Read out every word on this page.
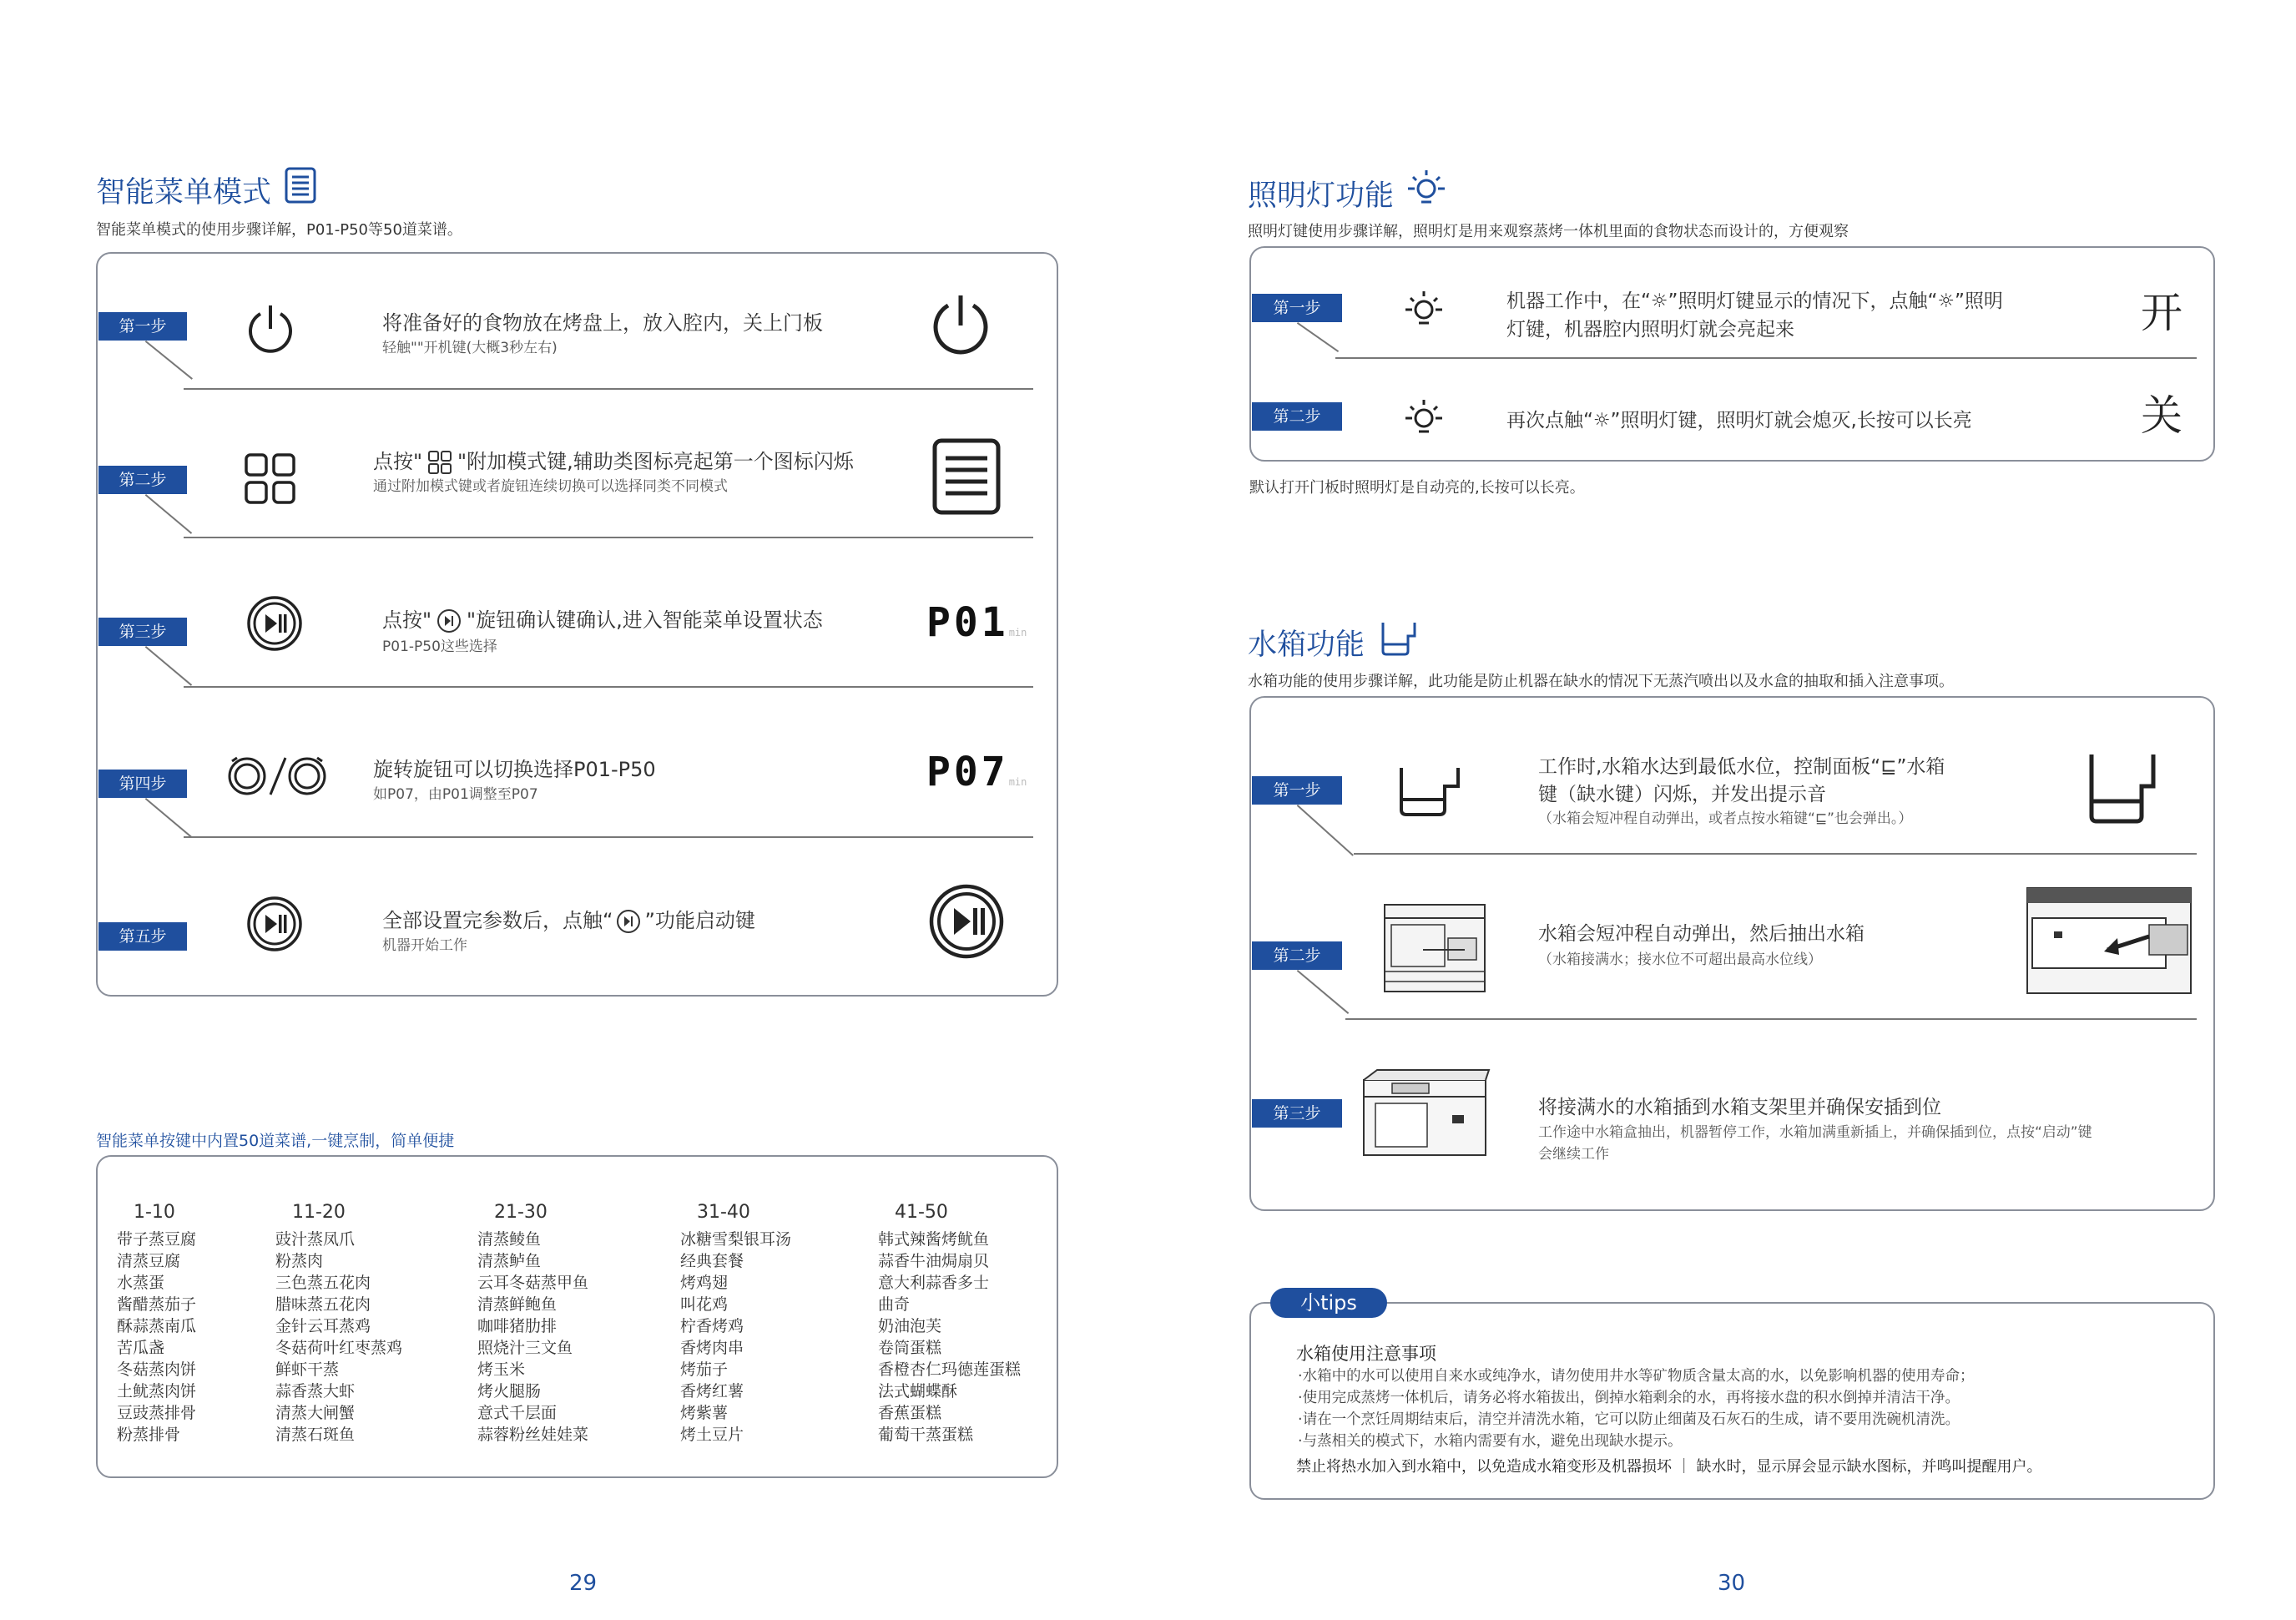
智能菜单模式
智能菜单模式的使用步骤详解，P01-P50等50道菜谱。
第一步	将准备好的食物放在烤盘上，放入腔内，关上门板
轻触""开机键(大概3秒左右)
第二步
点按" "附加模式键,辅助类图标亮起第一个图标闪烁
通过附加模式键或者旋钮连续切换可以选择同类不同模式
第三步	点按" "旋钮确认键确认,进入智能菜单设置状态
P01-P50这些选择
P01min
第四步
旋转旋钮可以切换选择P01-P50
如P07，由P01调整至P07	P07min
第五步
全部设置完参数后，点触“ ”功能启动键
机器开始工作
智能菜单按键中内置50道菜谱,一键烹制，简单便捷
1-10
带子蒸豆腐
清蒸豆腐
水蒸蛋
酱醋蒸茄子
酥蒜蒸南瓜
苦瓜盏
冬菇蒸肉饼
土鱿蒸肉饼
豆豉蒸排骨
粉蒸排骨
11-20
豉汁蒸凤爪
粉蒸肉
三色蒸五花肉
腊味蒸五花肉
金针云耳蒸鸡
冬菇荷叶红枣蒸鸡
鲜虾干蒸
蒜香蒸大虾
清蒸大闸蟹
清蒸石斑鱼
21-30
清蒸鲮鱼
清蒸鲈鱼
云耳冬菇蒸甲鱼
清蒸鲜鲍鱼
咖啡猪肋排
照烧汁三文鱼
烤玉米
烤火腿肠
意式千层面
蒜蓉粉丝娃娃菜
31-40
冰糖雪梨银耳汤
经典套餐
烤鸡翅
叫花鸡
柠香烤鸡
香烤肉串
烤茄子
香烤红薯
烤紫薯
烤土豆片
41-50
韩式辣酱烤鱿鱼
蒜香牛油焗扇贝
意大利蒜香多士
曲奇
奶油泡芙
卷筒蛋糕
香橙杏仁玛德莲蛋糕
法式蝴蝶酥
香蕉蛋糕
葡萄干蒸蛋糕
29
照明灯功能
照明灯键使用步骤详解，照明灯是用来观察蒸烤一体机里面的食物状态而设计的，方便观察
第一步	机器工作中，在“☼”照明灯键显示的情况下，点触“☼”照明
灯键，机器腔内照明灯就会亮起来	开
第二步	再次点触“☼”照明灯键，照明灯就会熄灭,长按可以长亮	关
默认打开门板时照明灯是自动亮的,长按可以长亮。
水箱功能
水箱功能的使用步骤详解，此功能是防止机器在缺水的情况下无蒸汽喷出以及水盒的抽取和插入注意事项。
第一步
工作时,水箱水达到最低水位，控制面板“⊑”水箱
键（缺水键）闪烁，并发出提示音
（水箱会短冲程自动弹出，或者点按水箱键“⊑”也会弹出。）
第二步
水箱会短冲程自动弹出，然后抽出水箱
（水箱接满水；接水位不可超出最高水位线）
第三步	将接满水的水箱插到水箱支架里并确保安插到位
工作途中水箱盒抽出，机器暂停工作，水箱加满重新插上，并确保插到位，点按“启动”键
会继续工作
小tips
水箱使用注意事项
·水箱中的水可以使用自来水或纯净水，请勿使用井水等矿物质含量太高的水，以免影响机器的使用寿命；
·使用完成蒸烤一体机后，请务必将水箱拔出，倒掉水箱剩余的水，再将接水盘的积水倒掉并清洁干净。
·请在一个烹饪周期结束后，清空并清洗水箱，它可以防止细菌及石灰石的生成，请不要用洗碗机清洗。
·与蒸相关的模式下，水箱内需要有水，避免出现缺水提示。
禁止将热水加入到水箱中，以免造成水箱变形及机器损坏 ｜ 缺水时，显示屏会显示缺水图标，并鸣叫提醒用户。
30
